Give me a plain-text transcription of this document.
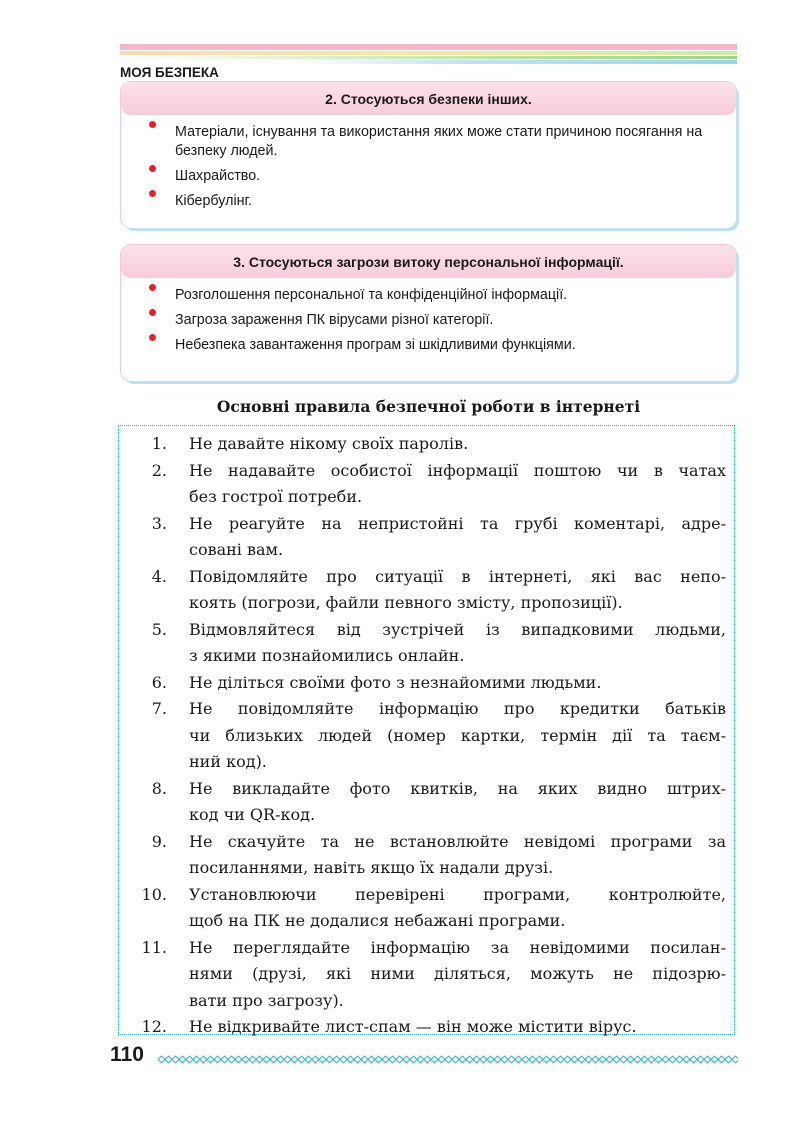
МОЯ БЕЗПЕКА
2. Стосуються безпеки інших.
Матеріали, існування та використання яких може стати причиною посягання на безпеку людей.
Шахрайство.
Кібербулінг.
3. Стосуються загрози витоку персональної інформації.
Розголошення персональної та конфіденційної інформації.
Загроза зараження ПК вірусами різної категорії.
Небезпека завантаження програм зі шкідливими функціями.
Основні правила безпечної роботи в інтернеті
1. Не давайте нікому своїх паролів.
2. Не надавайте особистої інформації поштою чи в чатах
без гострої потреби.
3. Не реагуйте на непристойні та грубі коментарі, адре-
совані вам.
4. Повідомляйте про ситуації в інтернеті, які вас непо-
коять (погрози, файли певного змісту, пропозиції).
5. Відмовляйтеся від зустрічей із випадковими людьми,
з якими познайомились онлайн.
6. Не діліться своїми фото з незнайомими людьми.
7. Не повідомляйте інформацію про кредитки батьків
чи близьких людей (номер картки, термін дії та таєм-
ний код).
8. Не викладайте фото квитків, на яких видно штрих-
код чи QR-код.
9. Не скачуйте та не встановлюйте невідомі програми за
посиланнями, навіть якщо їх надали друзі.
10. Установлюючи перевірені програми, контролюйте,
щоб на ПК не додалися небажані програми.
11. Не переглядайте інформацію за невідомими посилан-
нями (друзі, які ними діляться, можуть не підозрю-
вати про загрозу).
12. Не відкривайте лист-спам — він може містити вірус.
110
